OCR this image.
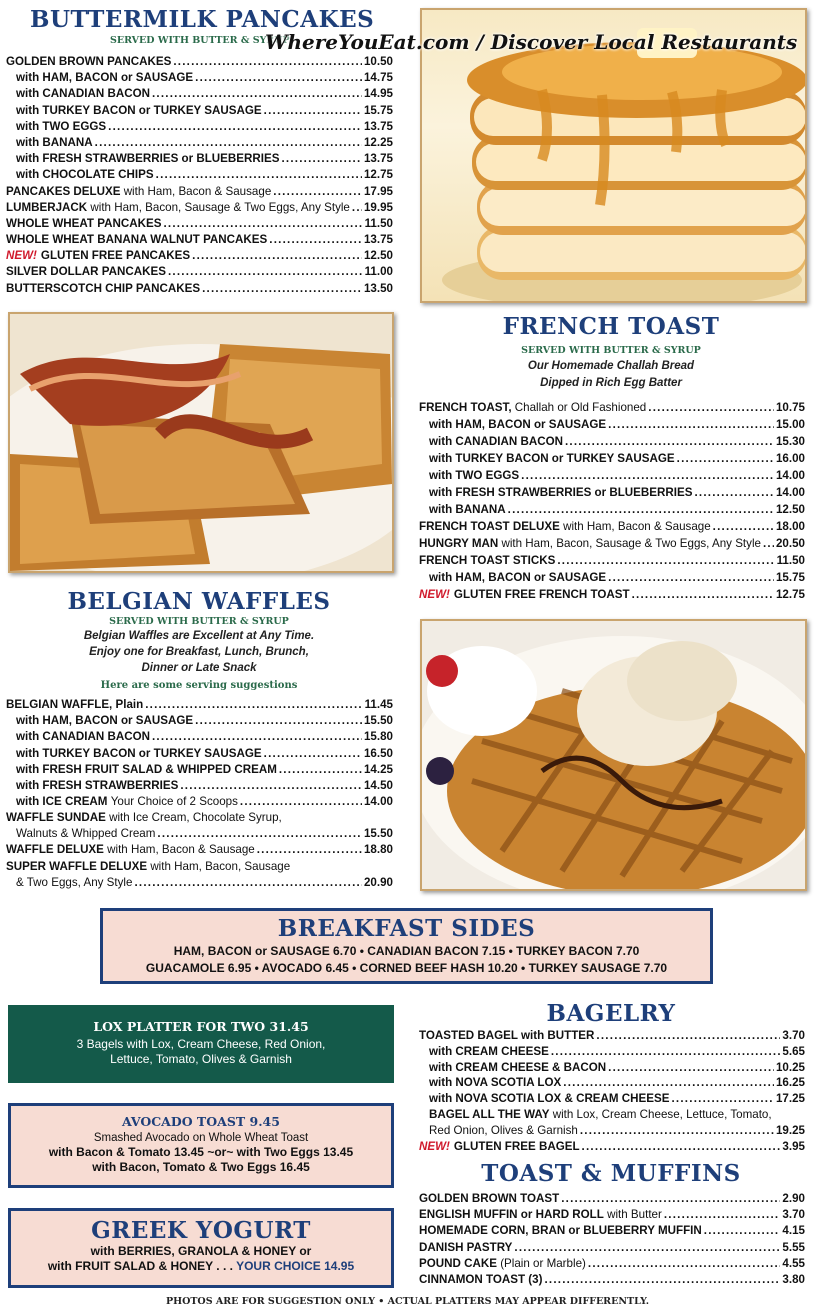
BUTTERMILK PANCAKES
SERVED WITH BUTTER & SYRUP
GOLDEN BROWN PANCAKES . . .	10.50
with HAM, BACON or SAUSAGE . . .	14.75
with CANADIAN BACON . . .	14.95
with TURKEY BACON or TURKEY SAUSAGE . . .	15.75
with TWO EGGS . . .	13.75
with BANANA . . .	12.25
with FRESH STRAWBERRIES or BLUEBERRIES . . .	13.75
with CHOCOLATE CHIPS . . .	12.75
PANCAKES DELUXE
with Ham, Bacon & Sausage . . .	17.95
LUMBERJACK
with Ham, Bacon, Sausage & Two Eggs, Any Style . . . 19.95
WHOLE WHEAT PANCAKES . . .	11.50
WHOLE WHEAT BANANA WALNUT PANCAKES . . .	13.75
NEW! GLUTEN FREE PANCAKES . . .	12.50
SILVER DOLLAR PANCAKES . . .	11.00
BUTTERSCOTCH CHIP PANCAKES . . .	13.50
FRENCH TOAST
SERVED WITH BUTTER & SYRUP
Our Homemade Challah Bread
Dipped in Rich Egg Batter
FRENCH TOAST,
Challah or Old Fashioned . . .	10.75
with HAM, BACON or SAUSAGE . . .	15.00
with CANADIAN BACON . . .	15.30
with TURKEY BACON or TURKEY SAUSAGE . . .	16.00
with TWO EGGS . . .	14.00
with FRESH STRAWBERRIES or BLUEBERRIES . . .	14.00
with BANANA . . .	12.50
FRENCH TOAST DELUXE
with Ham, Bacon & Sausage . . .	18.00
HUNGRY MAN
with Ham, Bacon, Sausage & Two Eggs, Any Style . . . 20.50
FRENCH TOAST STICKS . . .	11.50
with HAM, BACON or SAUSAGE . . .	15.75
NEW! GLUTEN FREE FRENCH TOAST . . .	12.75
BELGIAN WAFFLES
SERVED WITH BUTTER & SYRUP
Belgian Waffles are Excellent at Any Time.
Enjoy one for Breakfast, Lunch, Brunch,
Dinner or Late Snack
Here are some serving suggestions
BELGIAN WAFFLE, Plain . . .	11.45
with HAM, BACON or SAUSAGE . . .	15.50
with CANADIAN BACON . . .	15.80
with TURKEY BACON or TURKEY SAUSAGE . . .	16.50
with FRESH FRUIT SALAD & WHIPPED CREAM . . .	14.25
with FRESH STRAWBERRIES . . .	14.50
with ICE CREAM
Your Choice of 2 Scoops . . .	14.00
WAFFLE SUNDAE with Ice Cream, Chocolate Syrup,
Walnuts & Whipped Cream . . .	15.50
WAFFLE DELUXE
with Ham, Bacon & Sausage . . .	18.80
SUPER WAFFLE DELUXE with Ham, Bacon, Sausage
& Two Eggs, Any Style . . .	20.90
BREAKFAST SIDES
HAM, BACON or SAUSAGE 6.70 • CANADIAN BACON 7.15 • TURKEY BACON 7.70
GUACAMOLE 6.95 • AVOCADO 6.45 • CORNED BEEF HASH 10.20 • TURKEY SAUSAGE 7.70
LOX PLATTER FOR TWO 31.45
3 Bagels with Lox, Cream Cheese, Red Onion,
Lettuce, Tomato, Olives & Garnish
AVOCADO TOAST 9.45
Smashed Avocado on Whole Wheat Toast
with Bacon & Tomato 13.45 ~or~ with Two Eggs 13.45
with Bacon, Tomato & Two Eggs 16.45
GREEK YOGURT
with BERRIES, GRANOLA & HONEY or
with FRUIT SALAD & HONEY . . . YOUR CHOICE 14.95
BAGELRY
TOASTED BAGEL with BUTTER . . .	3.70
with CREAM CHEESE . . .	5.65
with CREAM CHEESE & BACON . . .	10.25
with NOVA SCOTIA LOX . . .	16.25
with NOVA SCOTIA LOX & CREAM CHEESE . . .	17.25
BAGEL ALL THE WAY with Lox, Cream Cheese, Lettuce, Tomato,
Red Onion, Olives & Garnish . . .	19.25
NEW! GLUTEN FREE BAGEL . . .	3.95
TOAST & MUFFINS
GOLDEN BROWN TOAST . . .	2.90
ENGLISH MUFFIN or HARD ROLL
with Butter . . .	3.70
HOMEMADE CORN, BRAN or BLUEBERRY MUFFIN . . .	4.15
DANISH PASTRY . . .	5.55
POUND CAKE
(Plain or Marble) . . .	4.55
CINNAMON TOAST (3) . . .	3.80
PHOTOS ARE FOR SUGGESTION ONLY • ACTUAL PLATTERS MAY APPEAR DIFFERENTLY.
WhereYouEat.com / Discover Local Restaurants
